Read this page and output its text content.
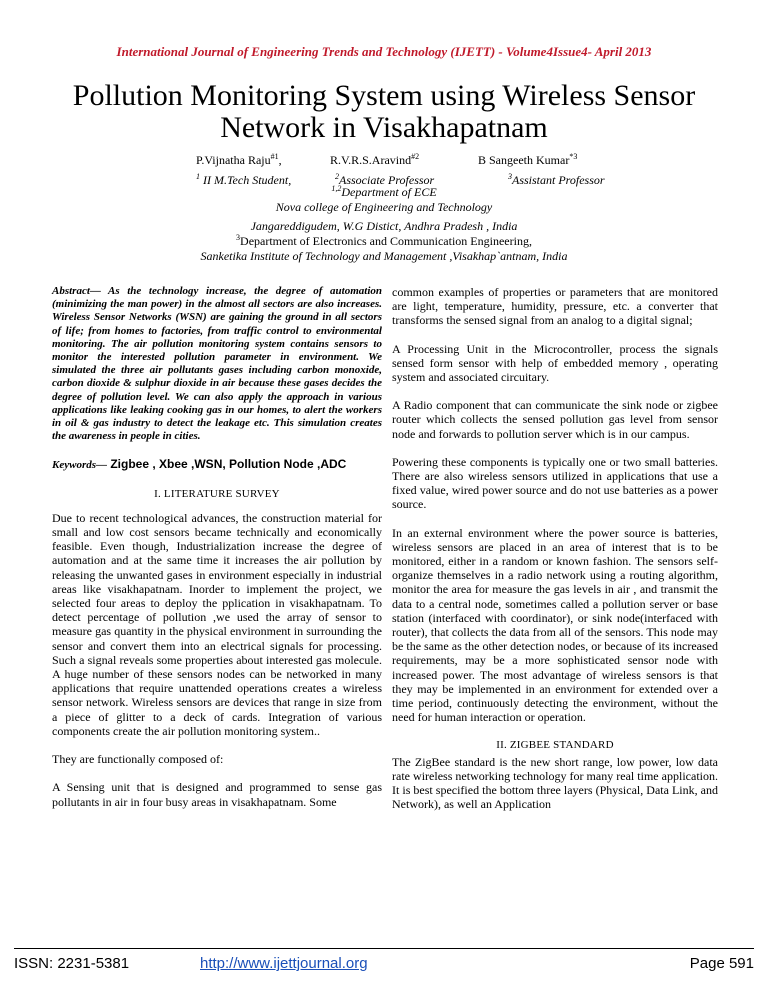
International Journal of Engineering Trends and Technology (IJETT) - Volume4Issue4- April 2013
Pollution Monitoring System using Wireless Sensor Network in Visakhapatnam
P.Vijnatha Raju$^{\#1}$,	R.V.R.S.Aravind$^{\#2}$	B Sangeeth Kumar$^{*3}$
$^1$ II M.Tech Student,	$^2$Associate Professor	$^3$Assistant Professor
$^{1,2}$Department of ECE
Nova college of Engineering and Technology
Jangareddigudem, W.G Distict, Andhra Pradesh , India
$^3$Department of Electronics and Communication Engineering,
Sanketika Institute of Technology and Management ,Visakhap`antnam, India
Abstract— As the technology increase, the degree of automation (minimizing the man power) in the almost all sectors are also increases. Wireless Sensor Networks (WSN) are gaining the ground in all sectors of life; from homes to factories, from traffic control to environmental monitoring. The air pollution monitoring system contains sensors to monitor the interested pollution parameter in environment. We simulated the three air pollutants gases including carbon monoxide, carbon dioxide & sulphur dioxide in air because these gases decides the degree of pollution level. We can also apply the approach in various applications like leaking cooking gas in our homes, to alert the workers in oil & gas industry to detect the leakage etc. This simulation creates the awareness in people in cities.
Keywords— Zigbee , Xbee ,WSN, Pollution Node ,ADC
I. LITERATURE SURVEY

Due to recent technological advances, the construction material for small and low cost sensors became technically and economically feasible. Even though, Industrialization increase the degree of automation and at the same time it increases the air pollution by releasing the unwanted gases in environment especially in industrial areas like visakhapatnam. Inorder to implement the project, we selected four areas to deploy the pplication in visakhapatnam. To detect percentage of pollution ,we used the array of sensor to measure gas quantity in the physical environment in surrounding the sensor and convert them into an electrical signals for processing. Such a signal reveals some properties about interested gas molecule. A huge number of these sensors nodes can be networked in many applications that require unattended operations creates a wireless sensor network. Wireless sensors are devices that range in size from a piece of glitter to a deck of cards. Integration of various components create the air pollution monitoring system..

They are functionally composed of:

A Sensing unit that is designed and programmed to sense gas pollutants in air in four busy areas in visakhapatnam. Some

common examples of properties or parameters that are monitored are light, temperature, humidity, pressure, etc. a converter that transforms the sensed signal from an analog to a digital signal;

A Processing Unit in the Microcontroller, process the signals sensed form sensor with help of embedded memory , operating system and associated circuitary.

A Radio component that can communicate the sink node or zigbee router which collects the sensed pollution gas level from sensor node and forwards to pollution server which is in our campus.

Powering these components is typically one or two small batteries. There are also wireless sensors utilized in applications that use a fixed value, wired power source and do not use batteries as a power source.

In an external environment where the power source is batteries, wireless sensors are placed in an area of interest that is to be monitored, either in a random or known fashion. The sensors self-organize themselves in a radio network using a routing algorithm, monitor the area for measure the gas levels in air , and transmit the data to a central node, sometimes called a pollution server or base station (interfaced with coordinator), or sink node(interfaced with router), that collects the data from all of the sensors. This node may be the same as the other detection nodes, or because of its increased requirements, may be a more sophisticated sensor node with increased power. The most advantage of wireless sensors is that they may be implemented in an environment for extended over a time period, continuously detecting the environment, without the need for human interaction or operation.

II. ZIGBEE STANDARD

The ZigBee standard is the new short range, low power, low data rate wireless networking technology for many real time application. It is best specified the bottom three layers (Physical, Data Link, and Network), as well an Application

ISSN: 2231-5381	http://www.ijettjournal.org	Page 591
